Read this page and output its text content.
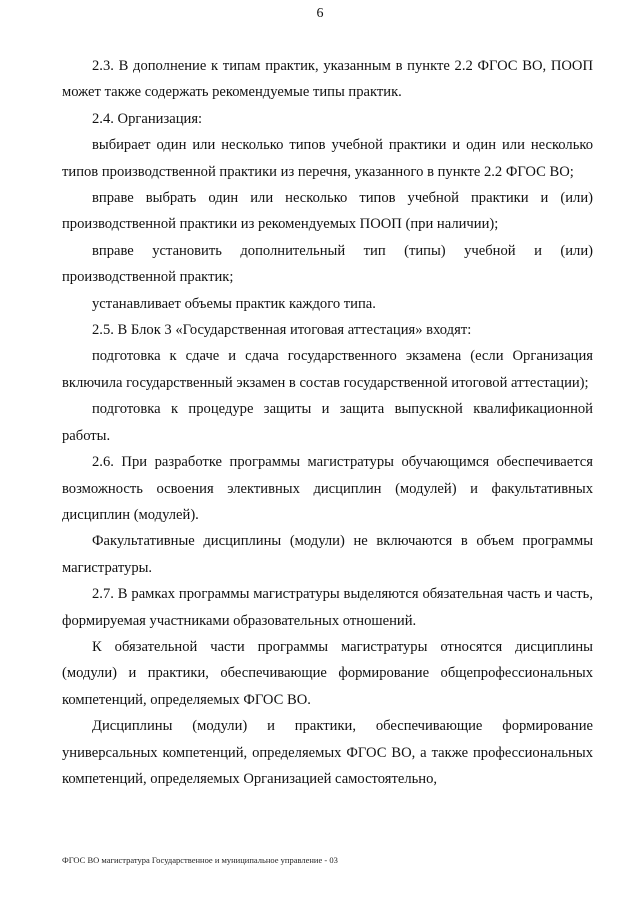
6

2.3. В дополнение к типам практик, указанным в пункте 2.2 ФГОС ВО, ПООП может также содержать рекомендуемые типы практик.

2.4. Организация:

выбирает один или несколько типов учебной практики и один или несколько типов производственной практики из перечня, указанного в пункте 2.2 ФГОС ВО;

вправе выбрать один или несколько типов учебной практики и (или) производственной практики из рекомендуемых ПООП (при наличии);

вправе установить дополнительный тип (типы) учебной и (или) производственной практик;

устанавливает объемы практик каждого типа.

2.5. В Блок 3 «Государственная итоговая аттестация» входят:

подготовка к сдаче и сдача государственного экзамена (если Организация включила государственный экзамен в состав государственной итоговой аттестации);

подготовка к процедуре защиты и защита выпускной квалификационной работы.

2.6. При разработке программы магистратуры обучающимся обеспечивается возможность освоения элективных дисциплин (модулей) и факультативных дисциплин (модулей).

Факультативные дисциплины (модули) не включаются в объем программы магистратуры.

2.7. В рамках программы магистратуры выделяются обязательная часть и часть, формируемая участниками образовательных отношений.

К обязательной части программы магистратуры относятся дисциплины (модули) и практики, обеспечивающие формирование общепрофессиональных компетенций, определяемых ФГОС ВО.

Дисциплины (модули) и практики, обеспечивающие формирование универсальных компетенций, определяемых ФГОС ВО, а также профессиональных компетенций, определяемых Организацией самостоятельно,

ФГОС ВО магистратура Государственное и муниципальное управление - 03
